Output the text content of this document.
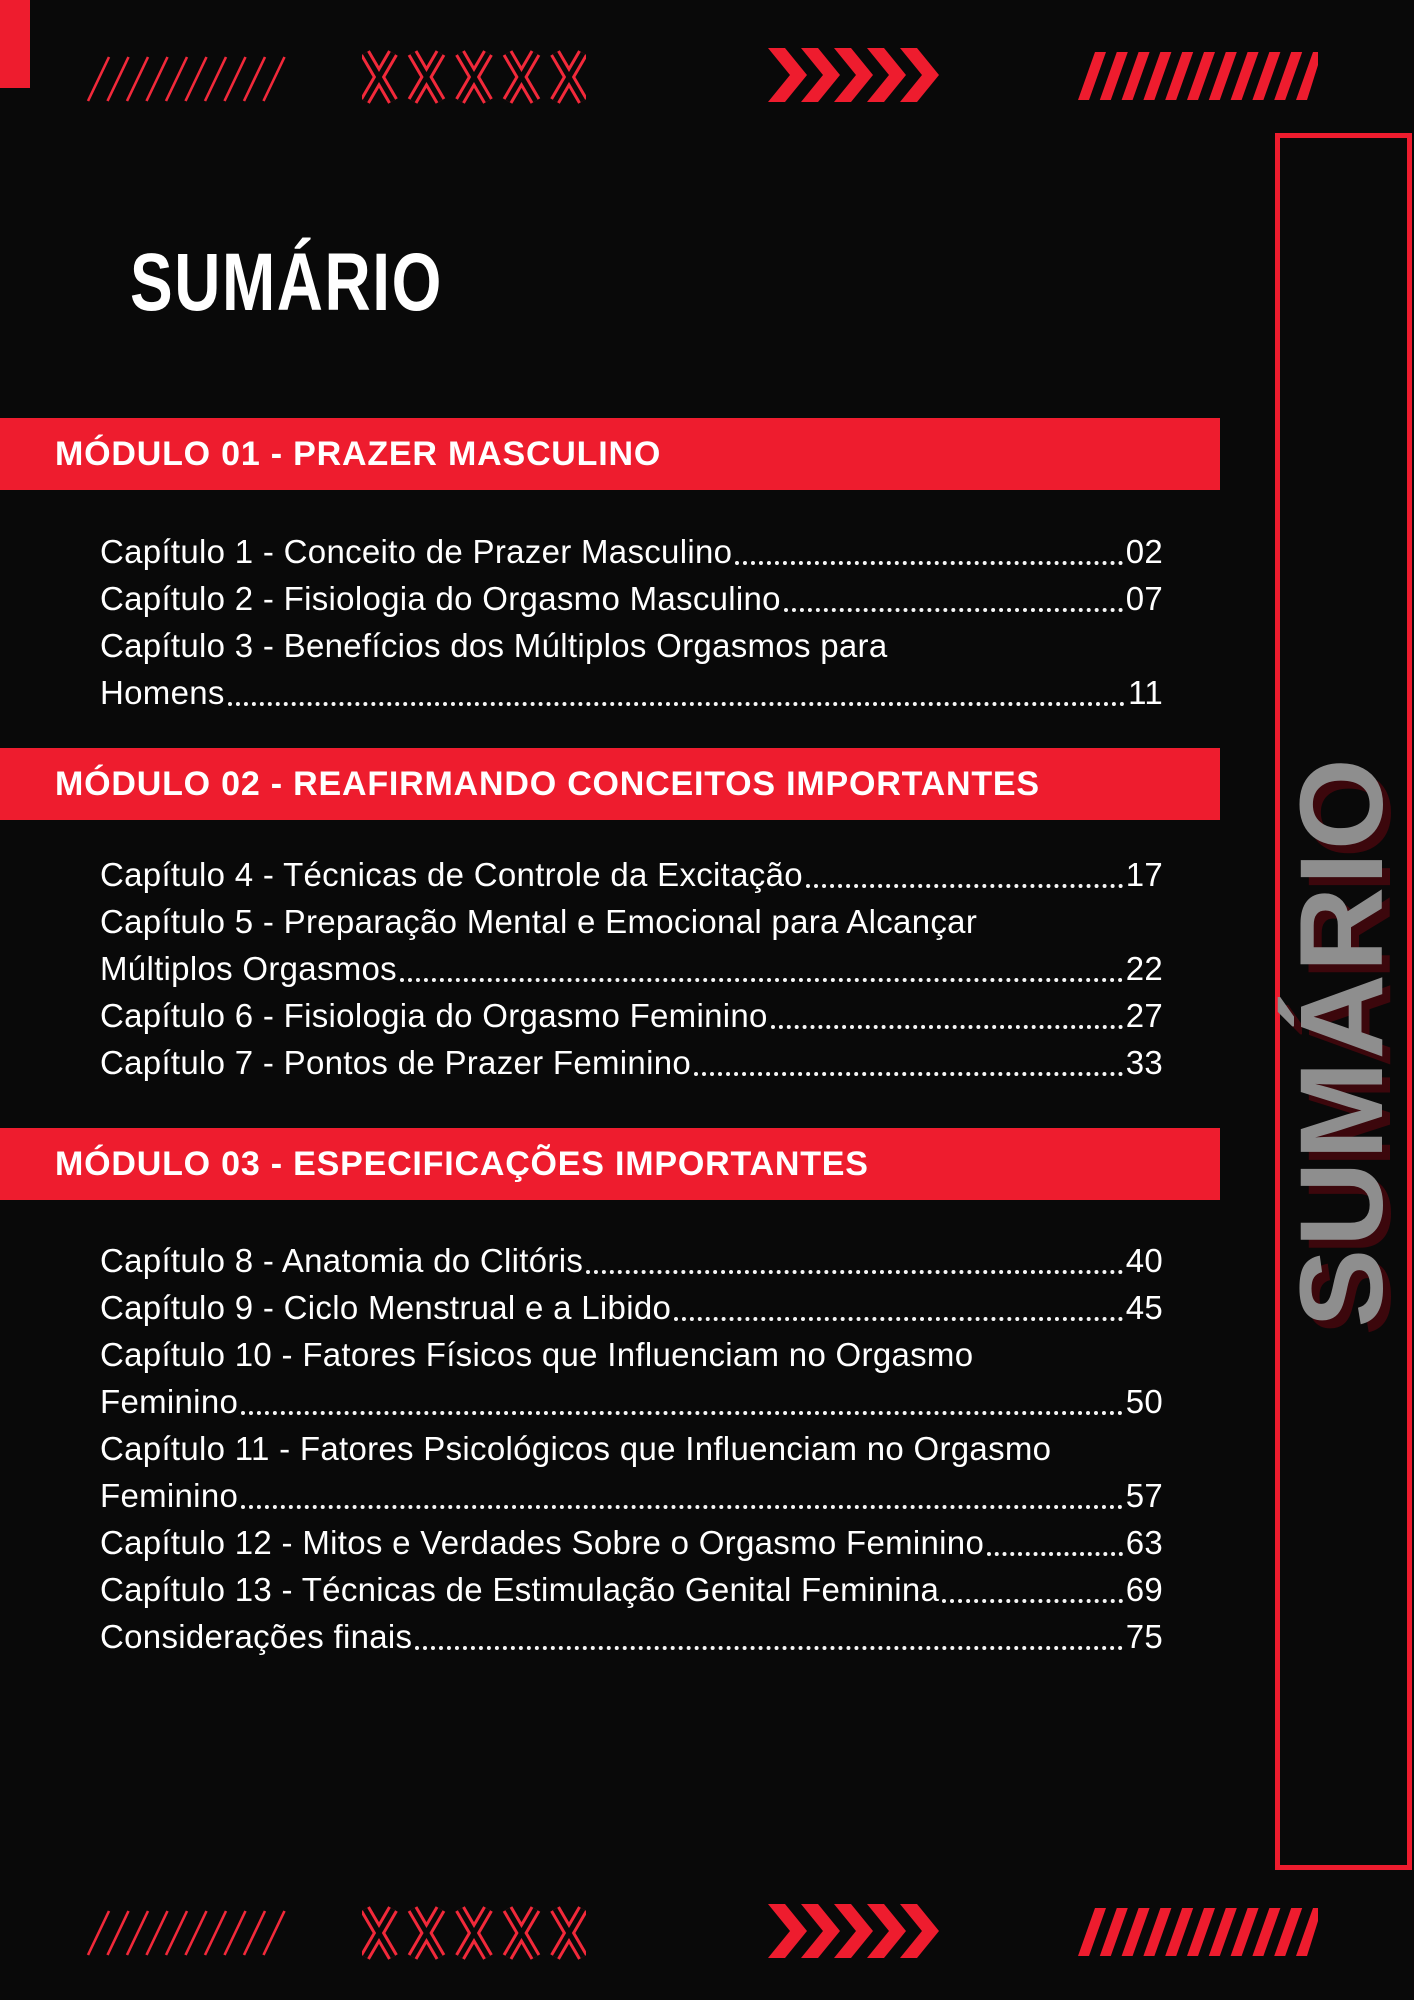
SUMÁRIO
SUMÁRIO
MÓDULO 01 - PRAZER MASCULINO
Capítulo 1 - Conceito de Prazer Masculino	02
Capítulo 2 - Fisiologia do Orgasmo Masculino	07
Capítulo 3 - Benefícios dos Múltiplos Orgasmos para
Homens	11
MÓDULO 02 - REAFIRMANDO CONCEITOS IMPORTANTES
Capítulo 4 - Técnicas de Controle da Excitação	17
Capítulo 5 - Preparação Mental e Emocional para Alcançar
Múltiplos Orgasmos	22
Capítulo 6 - Fisiologia do Orgasmo Feminino	27
Capítulo 7 - Pontos de Prazer Feminino	33
MÓDULO 03 - ESPECIFICAÇÕES IMPORTANTES
Capítulo 8 - Anatomia do Clitóris	40
Capítulo 9 - Ciclo Menstrual e a Libido	45
Capítulo 10 - Fatores Físicos que Influenciam no Orgasmo
Feminino	50
Capítulo 11 - Fatores Psicológicos que Influenciam no Orgasmo
Feminino	57
Capítulo 12 - Mitos e Verdades Sobre o Orgasmo Feminino	63
Capítulo 13 - Técnicas de Estimulação Genital Feminina	69
Considerações finais	75
